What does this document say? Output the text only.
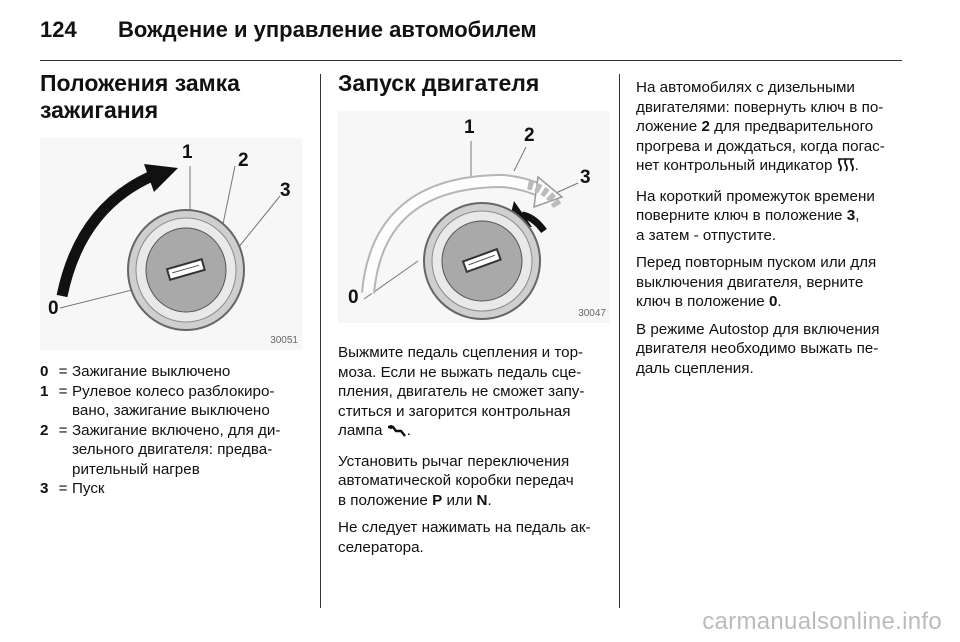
124	Вождение и управление автомобилем
Положения замка
зажигания
0
1 2
3
30051
0 = Зажигание выключено
1 = Рулевое колесо разблокиро-
вано, зажигание выключено
2 = Зажигание включено, для ди-
зельного двигателя: предва-
рительный нагрев
3 = Пуск
Запуск двигателя
0
1	2
3
30047

Выжмите педаль сцепления и тор-
моза. Если не выжать педаль сце-
пления, двигатель не сможет запу-
ститься и загорится контрольная
лампа .

Установить рычаг переключения
автоматической коробки передач
в положение P или N.

Не следует нажимать на педаль ак-
селератора.

На автомобилях с дизельными
двигателями: повернуть ключ в по-
ложение 2 для предварительного
прогрева и дождаться, когда погас-
нет контрольный индикатор .

На короткий промежуток времени
поверните ключ в положение 3,
а затем - отпустите.

Перед повторным пуском или для
выключения двигателя, верните
ключ в положение 0.

В режиме Autostop для включения
двигателя необходимо выжать пе-
даль сцепления.

carmanualsonline.info
